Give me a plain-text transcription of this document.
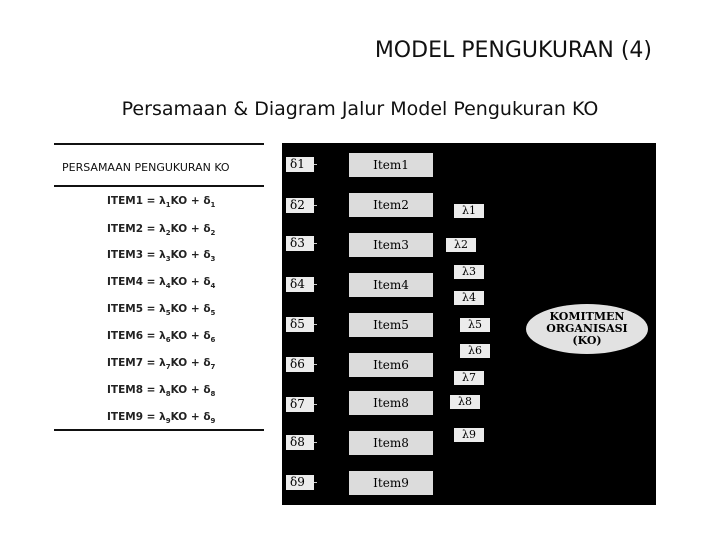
MODEL PENGUKURAN (4)
Persamaan & Diagram Jalur Model Pengukuran KO
PERSAMAAN PENGUKURAN KO
ITEM1 = $\lambda_1KO + \delta_1$
ITEM2 = $\lambda_2KO + \delta_2$
ITEM3 = $\lambda_3KO + \delta_3$
ITEM4 = $\lambda_4KO + \delta_4$
ITEM5 = $\lambda_5KO + \delta_5$
ITEM6 = $\lambda_6KO + \delta_6$
ITEM7 = $\lambda_7KO + \delta_7$
ITEM8 = $\lambda_8KO + \delta_8$
ITEM9 = $\lambda_9KO + \delta_9$
δ1	Item1
λ1
δ2	Item2
λ2
δ3	Item3
λ3
δ4	Item4
λ4
δ5	Item5	λ5
δ6	Item6
λ6
δ7	Item8
λ7
δ8	Item8
λ8
δ9	Item9
λ9
KOMITMEN
ORGANISASI
(KO)
